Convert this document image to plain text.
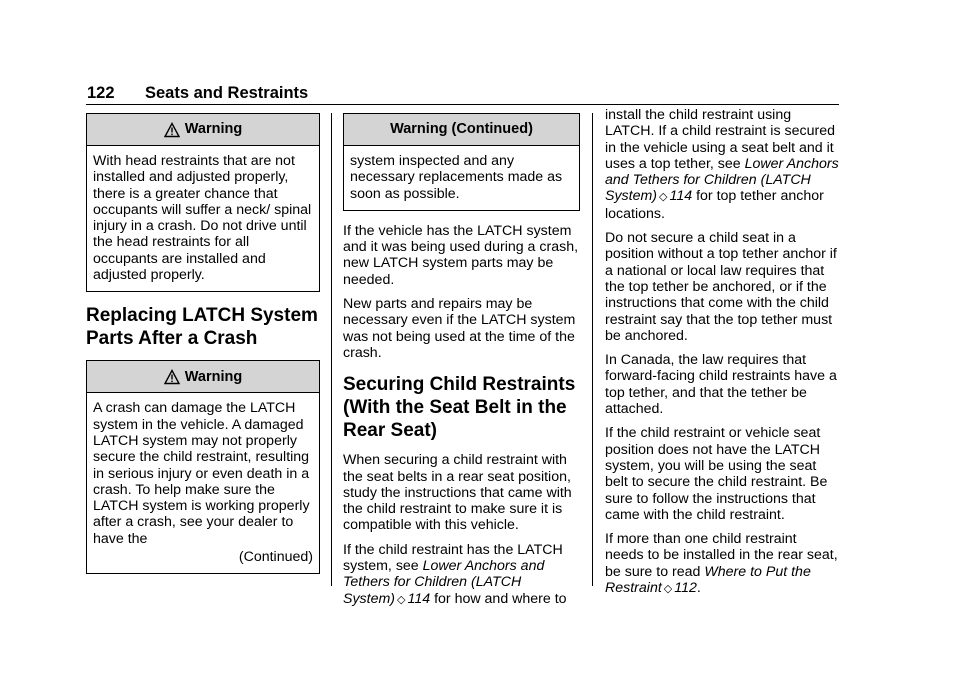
122 Seats and Restraints
Warning
With head restraints that are not installed and adjusted properly, there is a greater chance that occupants will suffer a neck/ spinal injury in a crash. Do not drive until the head restraints for all occupants are installed and adjusted properly.
Replacing LATCH System Parts After a Crash
Warning
A crash can damage the LATCH system in the vehicle. A damaged LATCH system may not properly secure the child restraint, resulting in serious injury or even death in a crash. To help make sure the LATCH system is working properly after a crash, see your dealer to have the
(Continued)
Warning (Continued)
system inspected and any necessary replacements made as soon as possible.

If the vehicle has the LATCH system and it was being used during a crash, new LATCH system parts may be needed.

New parts and repairs may be necessary even if the LATCH system was not being used at the time of the crash.

Securing Child Restraints (With the Seat Belt in the Rear Seat)

When securing a child restraint with the seat belts in a rear seat position, study the instructions that came with the child restraint to make sure it is compatible with this vehicle.

If the child restraint has the LATCH system, see Lower Anchors and Tethers for Children (LATCH System) ◇ 114 for how and where to

install the child restraint using LATCH. If a child restraint is secured in the vehicle using a seat belt and it uses a top tether, see Lower Anchors and Tethers for Children (LATCH System) ◇ 114 for top tether anchor locations.

Do not secure a child seat in a position without a top tether anchor if a national or local law requires that the top tether be anchored, or if the instructions that come with the child restraint say that the top tether must be anchored.

In Canada, the law requires that forward-facing child restraints have a top tether, and that the tether be attached.

If the child restraint or vehicle seat position does not have the LATCH system, you will be using the seat belt to secure the child restraint. Be sure to follow the instructions that came with the child restraint.

If more than one child restraint needs to be installed in the rear seat, be sure to read Where to Put the Restraint ◇ 112.
